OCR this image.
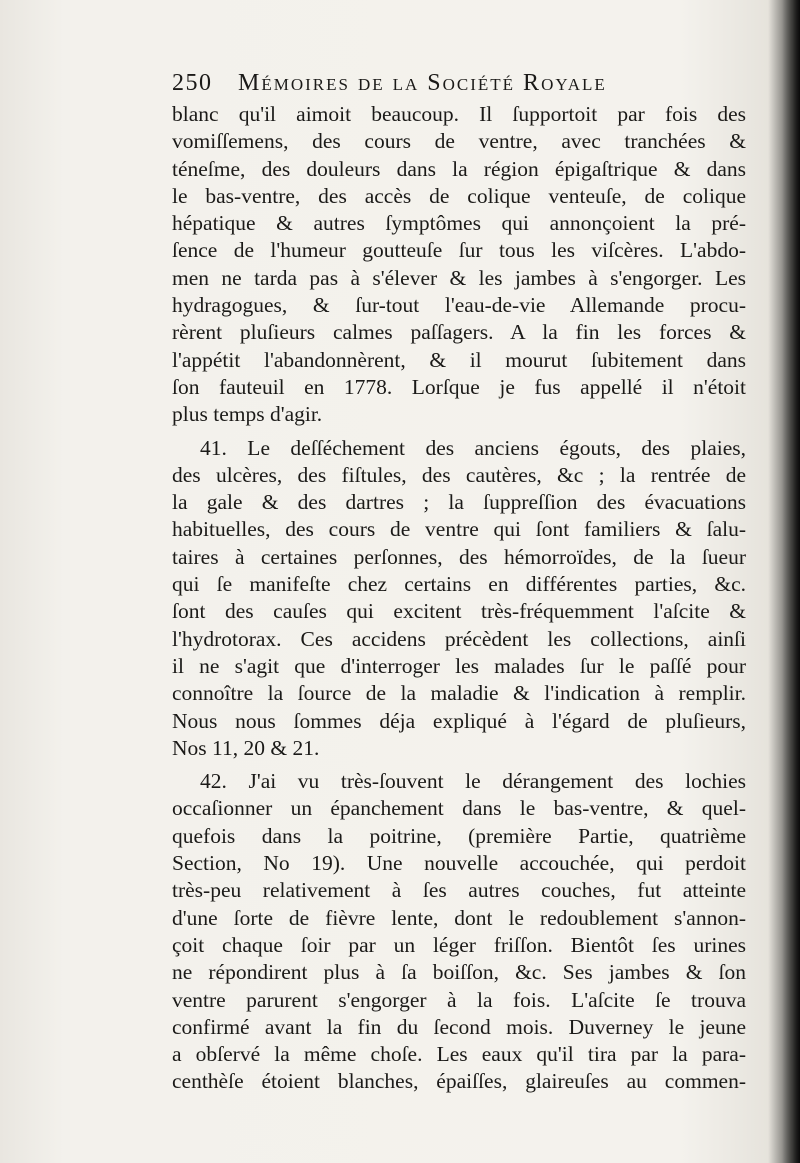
250 Mémoires de la Société Royale
blanc qu'il aimoit beaucoup. Il ſupportoit par fois des
vomiſſemens, des cours de ventre, avec tranchées &
téneſme, des douleurs dans la région épigaſtrique & dans
le bas-ventre, des accès de colique venteuſe, de colique
hépatique & autres ſymptômes qui annonçoient la pré-
ſence de l'humeur goutteuſe ſur tous les viſcères. L'abdo-
men ne tarda pas à s'élever & les jambes à s'engorger. Les
hydragogues, & ſur-tout l'eau-de-vie Allemande procu-
rèrent pluſieurs calmes paſſagers. A la fin les forces &
l'appétit l'abandonnèrent, & il mourut ſubitement dans
ſon fauteuil en 1778. Lorſque je fus appellé il n'étoit
plus temps d'agir.
41. Le deſſéchement des anciens égouts, des plaies,
des ulcères, des fiſtules, des cautères, &c ; la rentrée de
la gale & des dartres ; la ſuppreſſion des évacuations
habituelles, des cours de ventre qui ſont familiers & ſalu-
taires à certaines perſonnes, des hémorroïdes, de la ſueur
qui ſe manifeſte chez certains en différentes parties, &c.
ſont des cauſes qui excitent très-fréquemment l'aſcite &
l'hydrotorax. Ces accidens précèdent les collections, ainſi
il ne s'agit que d'interroger les malades ſur le paſſé pour
connoître la ſource de la maladie & l'indication à remplir.
Nous nous ſommes déja expliqué à l'égard de pluſieurs,
Nos 11, 20 & 21.
42. J'ai vu très-ſouvent le dérangement des lochies
occaſionner un épanchement dans le bas-ventre, & quel-
quefois dans la poitrine, (première Partie, quatrième
Section, No 19). Une nouvelle accouchée, qui perdoit
très-peu relativement à ſes autres couches, fut atteinte
d'une ſorte de fièvre lente, dont le redoublement s'annon-
çoit chaque ſoir par un léger friſſon. Bientôt ſes urines
ne répondirent plus à ſa boiſſon, &c. Ses jambes & ſon
ventre parurent s'engorger à la fois. L'aſcite ſe trouva
confirmé avant la fin du ſecond mois. Duverney le jeune
a obſervé la même choſe. Les eaux qu'il tira par la para-
centhèſe étoient blanches, épaiſſes, glaireuſes au commen-
